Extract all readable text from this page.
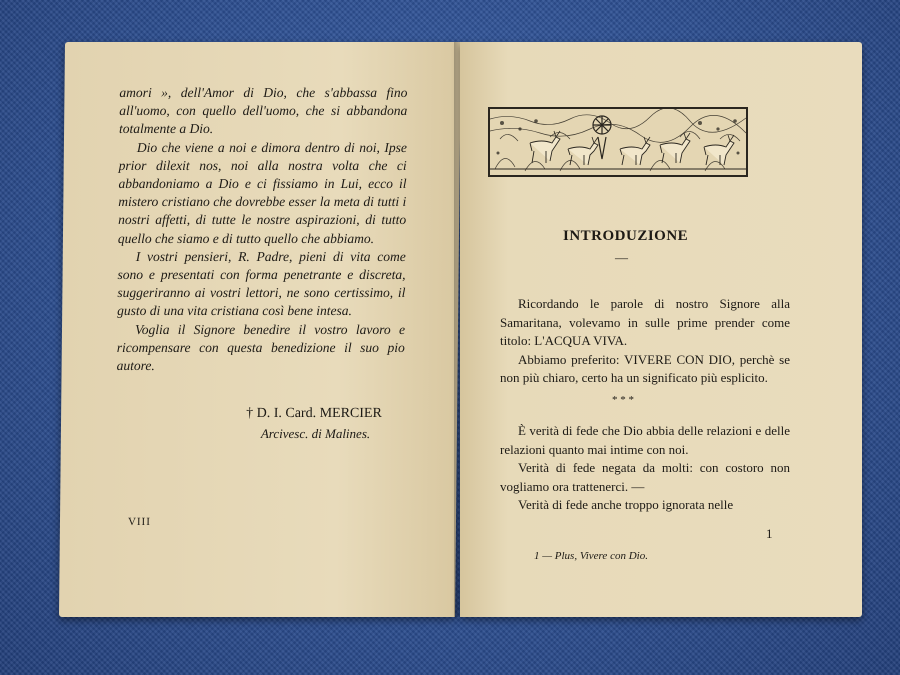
amori », dell'Amor di Dio, che s'abbassa fino all'uomo, con quello dell'uomo, che si abbandona totalmente a Dio.

Dio che viene a noi e dimora dentro di noi, Ipse prior dilexit nos, noi alla nostra volta che ci abbandoniamo a Dio e ci fissiamo in Lui, ecco il mistero cristiano che dovrebbe esser la meta di tutti i nostri affetti, di tutte le nostre aspirazioni, di tutto quello che siamo e di tutto quello che abbiamo.

I vostri pensieri, R. Padre, pieni di vita come sono e presentati con forma penetrante e discreta, suggeriranno ai vostri lettori, ne sono certissimo, il gusto di una vita cristiana così bene intesa.

Voglia il Signore benedire il vostro lavoro e ricompensare con questa benedizione il suo pio autore.

† D. I. Card. MERCIER
Arcivesc. di Malines.
VIII
INTRODUZIONE
—

Ricordando le parole di nostro Signore alla Samaritana, volevamo in sulle prime prender come titolo: L'ACQUA VIVA.

Abbiamo preferito: VIVERE CON DIO, perchè se non più chiaro, certo ha un significato più esplicito.

* * *

È verità di fede che Dio abbia delle relazioni e delle relazioni quanto mai intime con noi.

Verità di fede negata da molti: con costoro non vogliamo ora trattenerci. —

Verità di fede anche troppo ignorata nelle

1
1 — Plus, Vivere con Dio.
